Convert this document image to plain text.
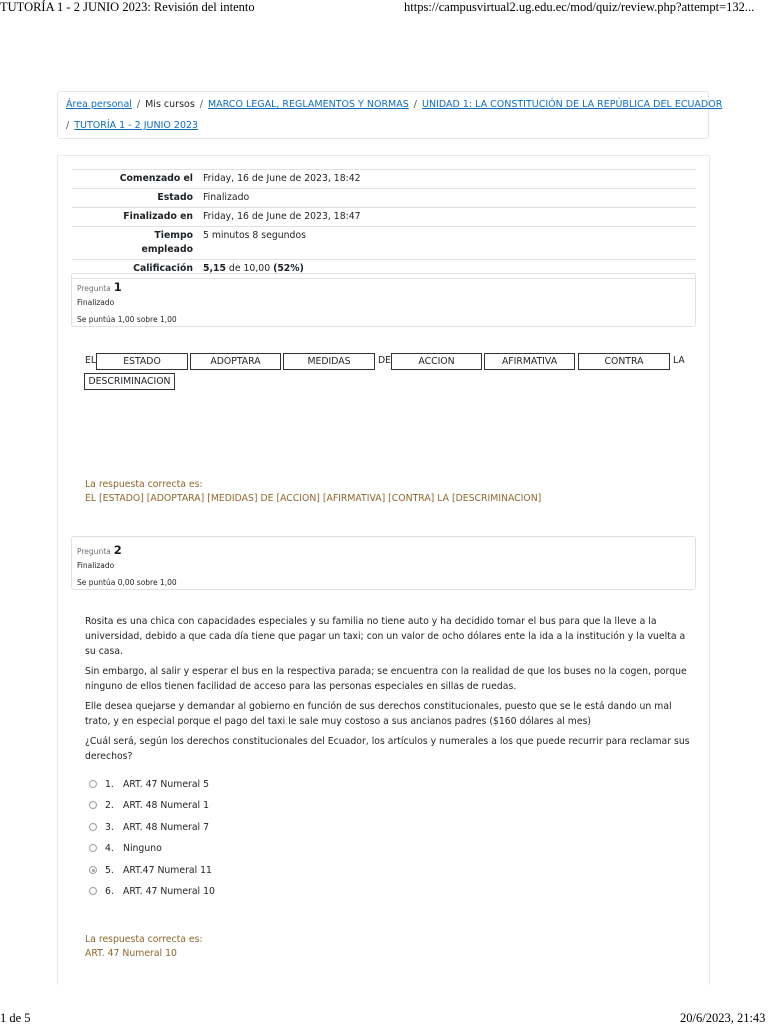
TUTORÍA 1 - 2 JUNIO 2023: Revisión del intento	https://campusvirtual2.ug.edu.ec/mod/quiz/review.php?attempt=132...
Área personal / Mis cursos / MARCO LEGAL, REGLAMENTOS Y NORMAS / UNIDAD 1: LA CONSTITUCIÓN DE LA REPÚBLICA DEL ECUADOR
/ TUTORÍA 1 - 2 JUNIO 2023
Comenzado el	Friday, 16 de June de 2023, 18:42
Estado	Finalizado
Finalizado en	Friday, 16 de June de 2023, 18:47
Tiempo empleado	5 minutos 8 segundos
Calificación	5,15 de 10,00 (52%)
Pregunta 1
Finalizado
Se puntúa 1,00 sobre 1,00
EL	ESTADO	ADOPTARA	MEDIDAS	DE	ACCION	AFIRMATIVA	CONTRA	LA
DESCRIMINACION
La respuesta correcta es:
EL [ESTADO] [ADOPTARA] [MEDIDAS] DE [ACCION] [AFIRMATIVA] [CONTRA] LA [DESCRIMINACION]
Pregunta 2
Finalizado
Se puntúa 0,00 sobre 1,00

Rosita es una chica con capacidades especiales y su familia no tiene auto y ha decidido tomar el bus para que la lleve a la universidad, debido a que cada día tiene que pagar un taxi; con un valor de ocho dólares ente la ida a la institución y la vuelta a su casa.

Sin embargo, al salir y esperar el bus en la respectiva parada; se encuentra con la realidad de que los buses no la cogen, porque ninguno de ellos tienen facilidad de acceso para las personas especiales en sillas de ruedas.

Elle desea quejarse y demandar al gobierno en función de sus derechos constitucionales, puesto que se le está dando un mal trato, y en especial porque el pago del taxi le sale muy costoso a sus ancianos padres ($160 dólares al mes)

¿Cuál será, según los derechos constitucionales del Ecuador, los artículos y numerales a los que puede recurrir para reclamar sus derechos?

1. ART. 47 Numeral 5
2. ART. 48 Numeral 1
3. ART. 48 Numeral 7
4. Ninguno
5. ART.47 Numeral 11
6. ART. 47 Numeral 10
La respuesta correcta es:
ART. 47 Numeral 10
1 de 5	20/6/2023, 21:43
